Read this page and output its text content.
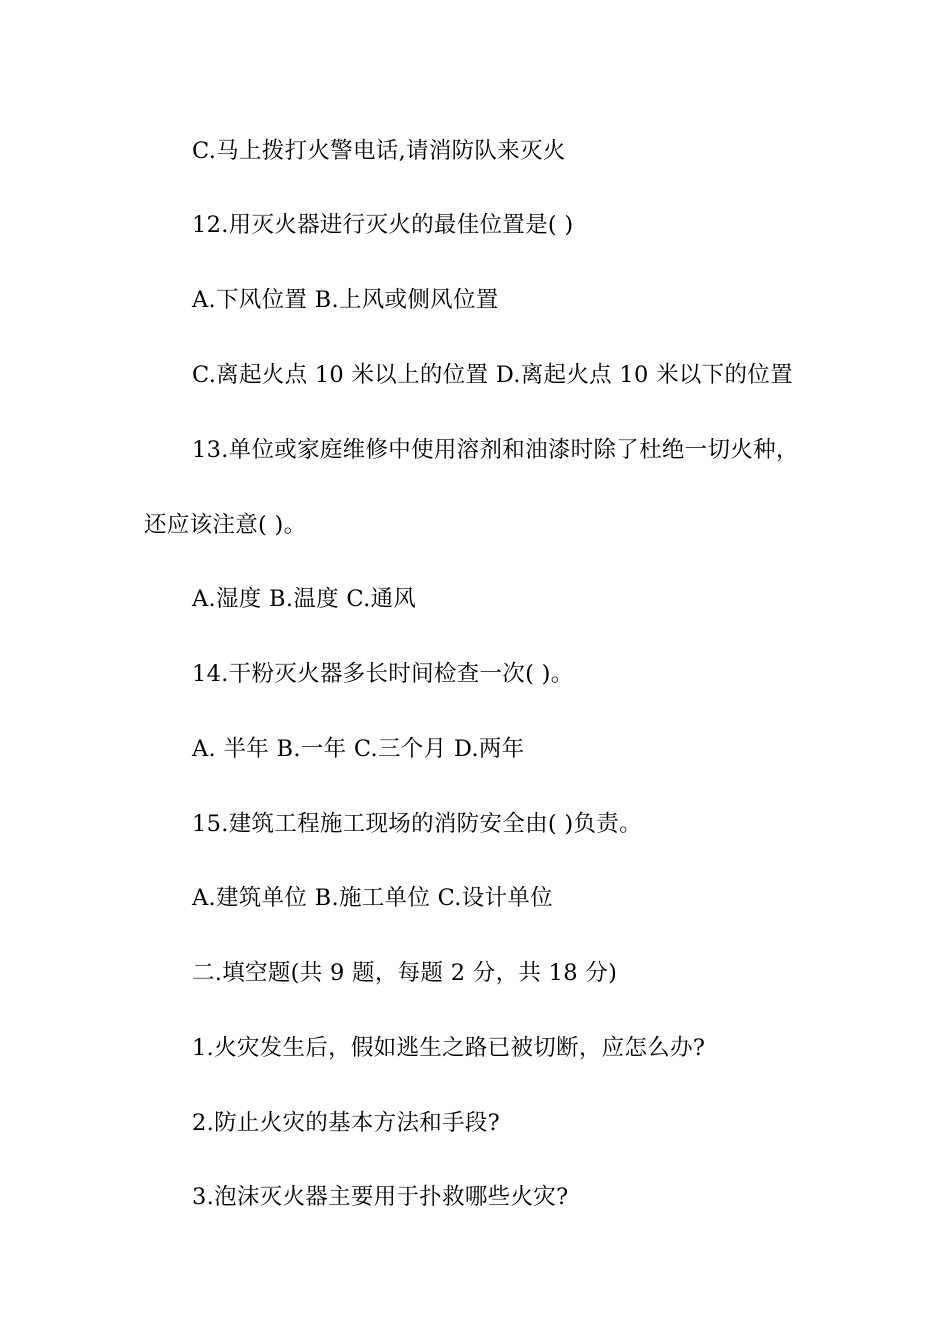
C.马上拨打火警电话,请消防队来灭火
12.用灭火器进行灭火的最佳位置是( )
A.下风位置 B.上风或侧风位置
C.离起火点 10 米以上的位置 D.离起火点 10 米以下的位置
13.单位或家庭维修中使用溶剂和油漆时除了杜绝一切火种，
还应该注意( )。
A.湿度 B.温度 C.通风
14.干粉灭火器多长时间检查一次( )。
A. 半年 B.一年 C.三个月 D.两年
15.建筑工程施工现场的消防安全由( )负责。
A.建筑单位 B.施工单位 C.设计单位
二.填空题(共 9 题，每题 2 分，共 18 分)
1.火灾发生后，假如逃生之路已被切断，应怎么办?
2.防止火灾的基本方法和手段?
3.泡沫灭火器主要用于扑救哪些火灾?
